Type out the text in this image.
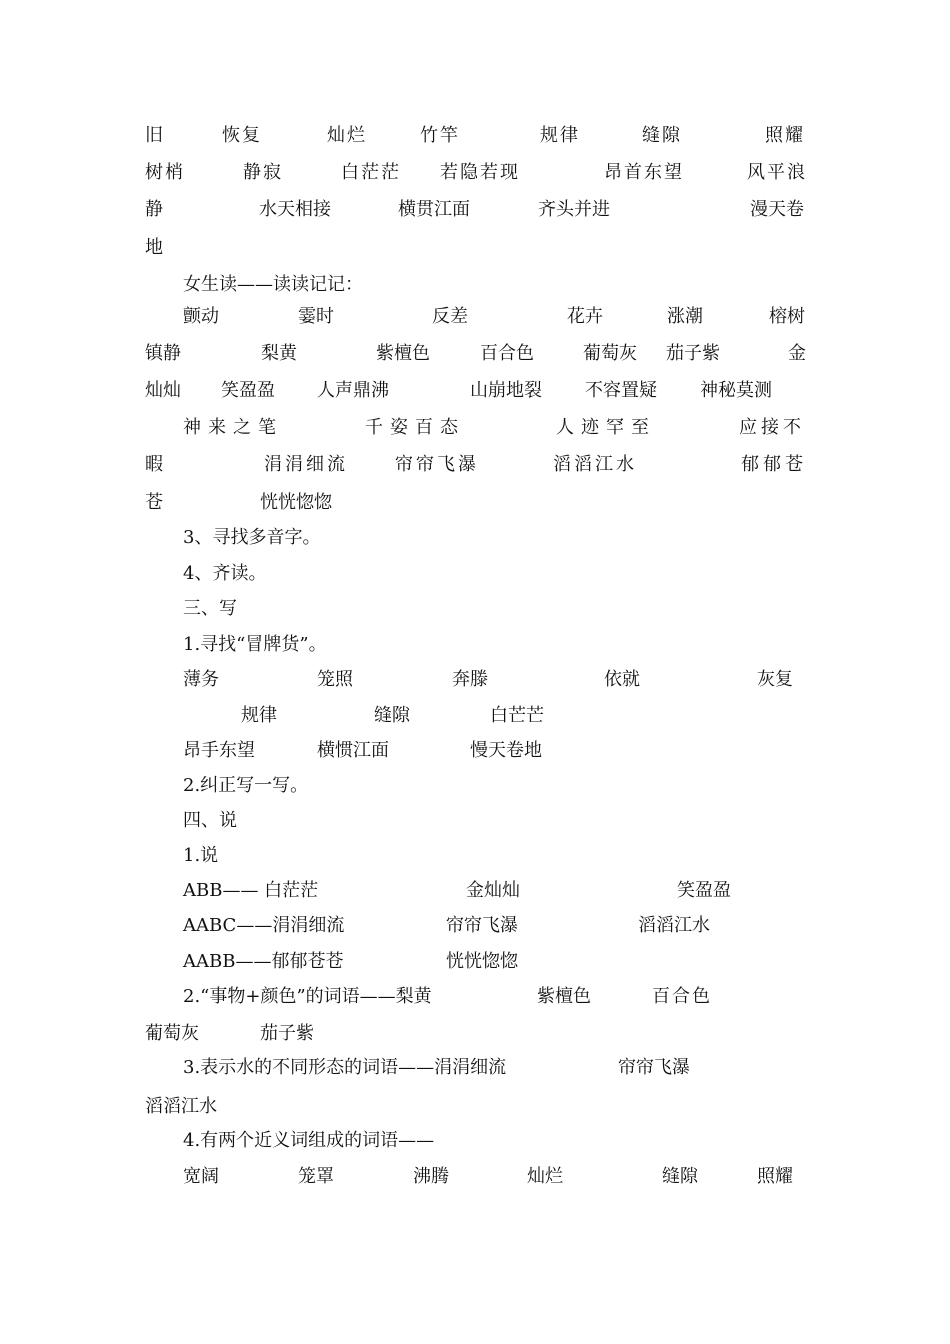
旧	恢复	灿烂	竹竿	规律	缝隙	照耀
树梢	静寂	白茫茫 若隐若现	昂首东望	风平浪
静	水天相接	横贯江面	齐头并进	漫天卷
地
女生读——读读记记：
颤动	霎时	反差	花卉	涨潮	榕树
镇静	梨黄	紫檀色	百合色	葡萄灰 茄子紫	金
灿灿 笑盈盈 人声鼎沸	山崩地裂 不容置疑 神秘莫测
神来之笔	千姿百态	人迹罕至	应接不
暇	涓涓细流	帘帘飞瀑	滔滔江水	郁郁苍
苍	恍恍惚惚
3、寻找多音字。
4、齐读。
三、写
1.寻找“冒牌货”。
薄务	笼照	奔滕	依就	灰复
规律	缝隙	白芒芒
昂手东望	横惯江面	慢天卷地
2.纠正写一写。
四、说
1.说
ABB—— 白茫茫	金灿灿	笑盈盈
AABC——涓涓细流	帘帘飞瀑	滔滔江水
AABB——郁郁苍苍	恍恍惚惚
2.“事物+颜色”的词语——梨黄	紫檀色	百合色
葡萄灰	茄子紫
3.表示水的不同形态的词语——涓涓细流	帘帘飞瀑
滔滔江水
4.有两个近义词组成的词语——
宽阔	笼罩	沸腾	灿烂	缝隙	照耀
